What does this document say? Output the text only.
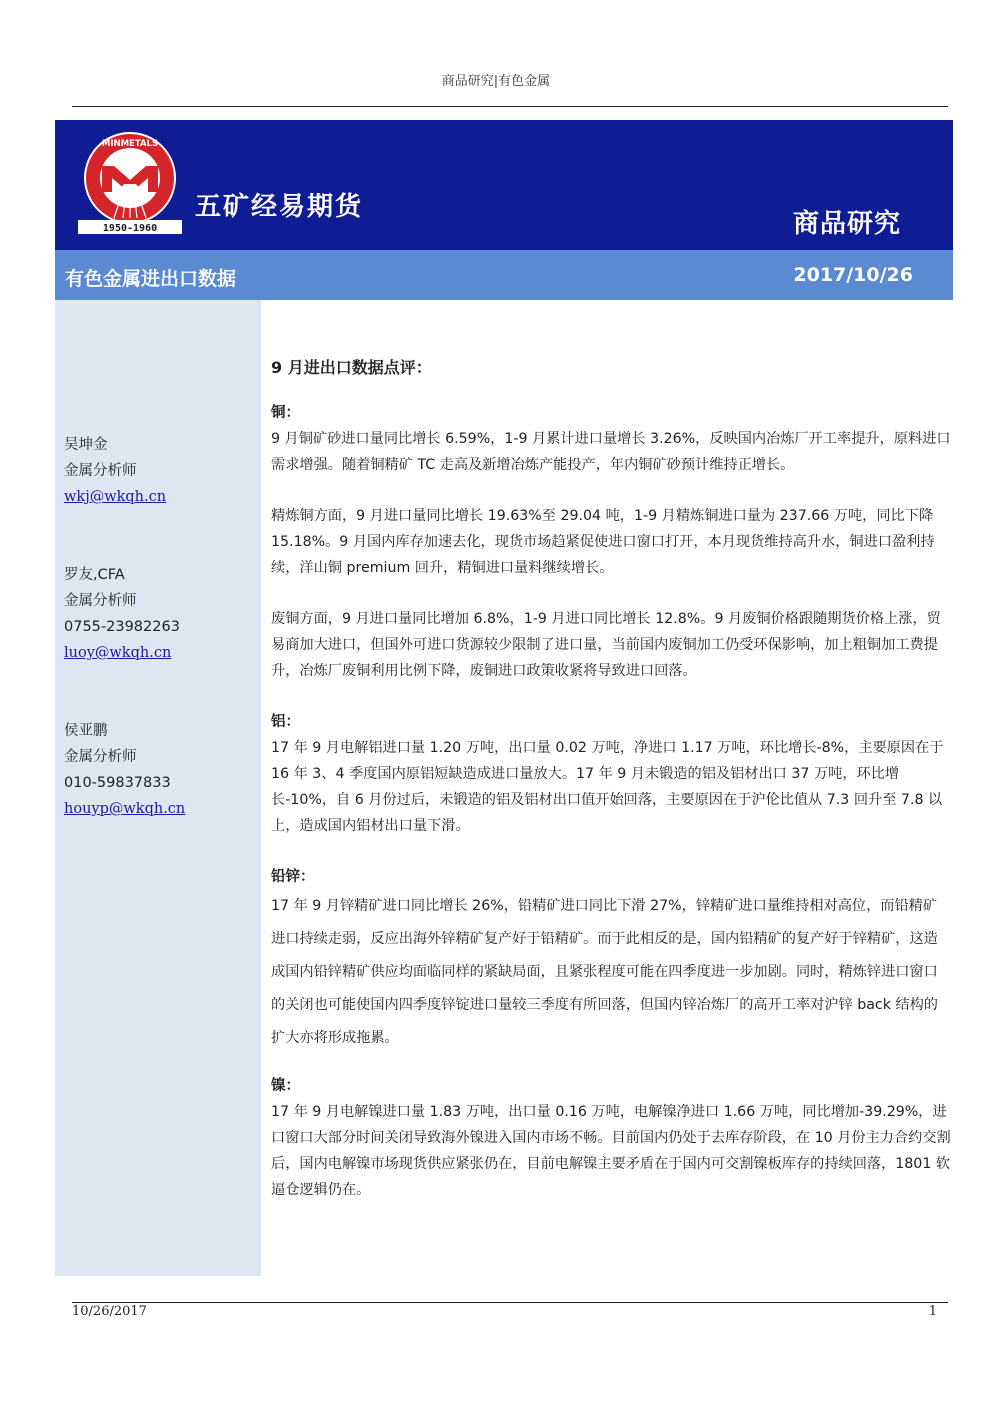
商品研究|有色金属
1950-1960
MINMETALS
五矿经易期货
商品研究
有色金属进出口数据	2017/10/26
吴坤金
金属分析师
wkj@wkqh.cn
罗友,CFA
金属分析师
0755-23982263
luoy@wkqh.cn
侯亚鹏
金属分析师
010-59837833
houyp@wkqh.cn
9 月进出口数据点评：

铜：

9 月铜矿砂进口量同比增长 6.59%，1-9 月累计进口量增长 3.26%，反映国内冶炼厂开工率提升，原料进口需求增强。随着铜精矿 TC 走高及新增冶炼产能投产，年内铜矿砂预计维持正增长。

精炼铜方面，9 月进口量同比增长 19.63%至 29.04 吨，1-9 月精炼铜进口量为 237.66 万吨，同比下降 15.18%。9 月国内库存加速去化，现货市场趋紧促使进口窗口打开，本月现货维持高升水，铜进口盈利持续，洋山铜 premium 回升，精铜进口量料继续增长。

废铜方面，9 月进口量同比增加 6.8%，1-9 月进口同比增长 12.8%。9 月废铜价格跟随期货价格上涨，贸易商加大进口，但国外可进口货源较少限制了进口量，当前国内废铜加工仍受环保影响，加上粗铜加工费提升，冶炼厂废铜利用比例下降，废铜进口政策收紧将导致进口回落。

铝：

17 年 9 月电解铝进口量 1.20 万吨，出口量 0.02 万吨，净进口 1.17 万吨，环比增长-8%，主要原因在于 16 年 3、4 季度国内原铝短缺造成进口量放大。17 年 9 月未锻造的铝及铝材出口 37 万吨，环比增长-10%，自 6 月份过后，未锻造的铝及铝材出口值开始回落，主要原因在于沪伦比值从 7.3 回升至 7.8 以上，造成国内铝材出口量下滑。

铅锌：

17 年 9 月锌精矿进口同比增长 26%，铅精矿进口同比下滑 27%，锌精矿进口量维持相对高位，而铅精矿进口持续走弱，反应出海外锌精矿复产好于铅精矿。而于此相反的是，国内铅精矿的复产好于锌精矿，这造成国内铅锌精矿供应均面临同样的紧缺局面，且紧张程度可能在四季度进一步加剧。同时，精炼锌进口窗口的关闭也可能使国内四季度锌锭进口量较三季度有所回落，但国内锌冶炼厂的高开工率对沪锌 back 结构的扩大亦将形成拖累。

镍：

17 年 9 月电解镍进口量 1.83 万吨，出口量 0.16 万吨，电解镍净进口 1.66 万吨，同比增加-39.29%，进口窗口大部分时间关闭导致海外镍进入国内市场不畅。目前国内仍处于去库存阶段，在 10 月份主力合约交割后，国内电解镍市场现货供应紧张仍在，目前电解镍主要矛盾在于国内可交割镍板库存的持续回落，1801 软逼仓逻辑仍在。

10/26/2017	1
